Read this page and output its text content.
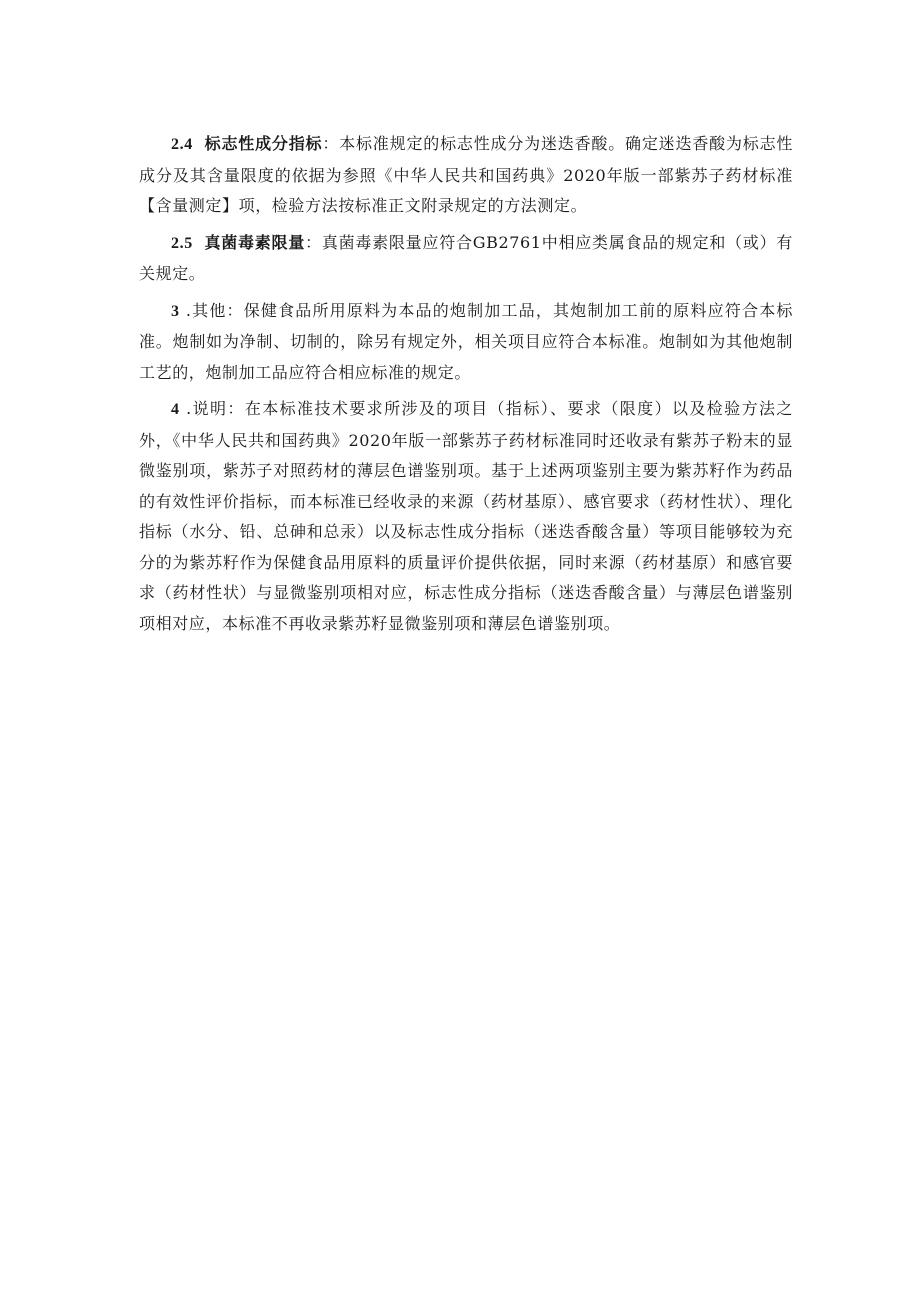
2.4 标志性成分指标：本标准规定的标志性成分为迷迭香酸。确定迷迭香酸为标志性成分及其含量限度的依据为参照《中华人民共和国药典》2020年版一部紫苏子药材标准【含量测定】项，检验方法按标准正文附录规定的方法测定。

2.5 真菌毒素限量：真菌毒素限量应符合GB2761中相应类属食品的规定和（或）有关规定。

3 .其他：保健食品所用原料为本品的炮制加工品，其炮制加工前的原料应符合本标准。炮制如为净制、切制的，除另有规定外，相关项目应符合本标准。炮制如为其他炮制工艺的，炮制加工品应符合相应标准的规定。

4 .说明：在本标准技术要求所涉及的项目（指标）、要求（限度）以及检验方法之外，《中华人民共和国药典》2020年版一部紫苏子药材标准同时还收录有紫苏子粉末的显微鉴别项，紫苏子对照药材的薄层色谱鉴别项。基于上述两项鉴别主要为紫苏籽作为药品的有效性评价指标，而本标准已经收录的来源（药材基原）、感官要求（药材性状）、理化指标（水分、铅、总砷和总汞）以及标志性成分指标（迷迭香酸含量）等项目能够较为充分的为紫苏籽作为保健食品用原料的质量评价提供依据，同时来源（药材基原）和感官要求（药材性状）与显微鉴别项相对应，标志性成分指标（迷迭香酸含量）与薄层色谱鉴别项相对应，本标准不再收录紫苏籽显微鉴别项和薄层色谱鉴别项。
